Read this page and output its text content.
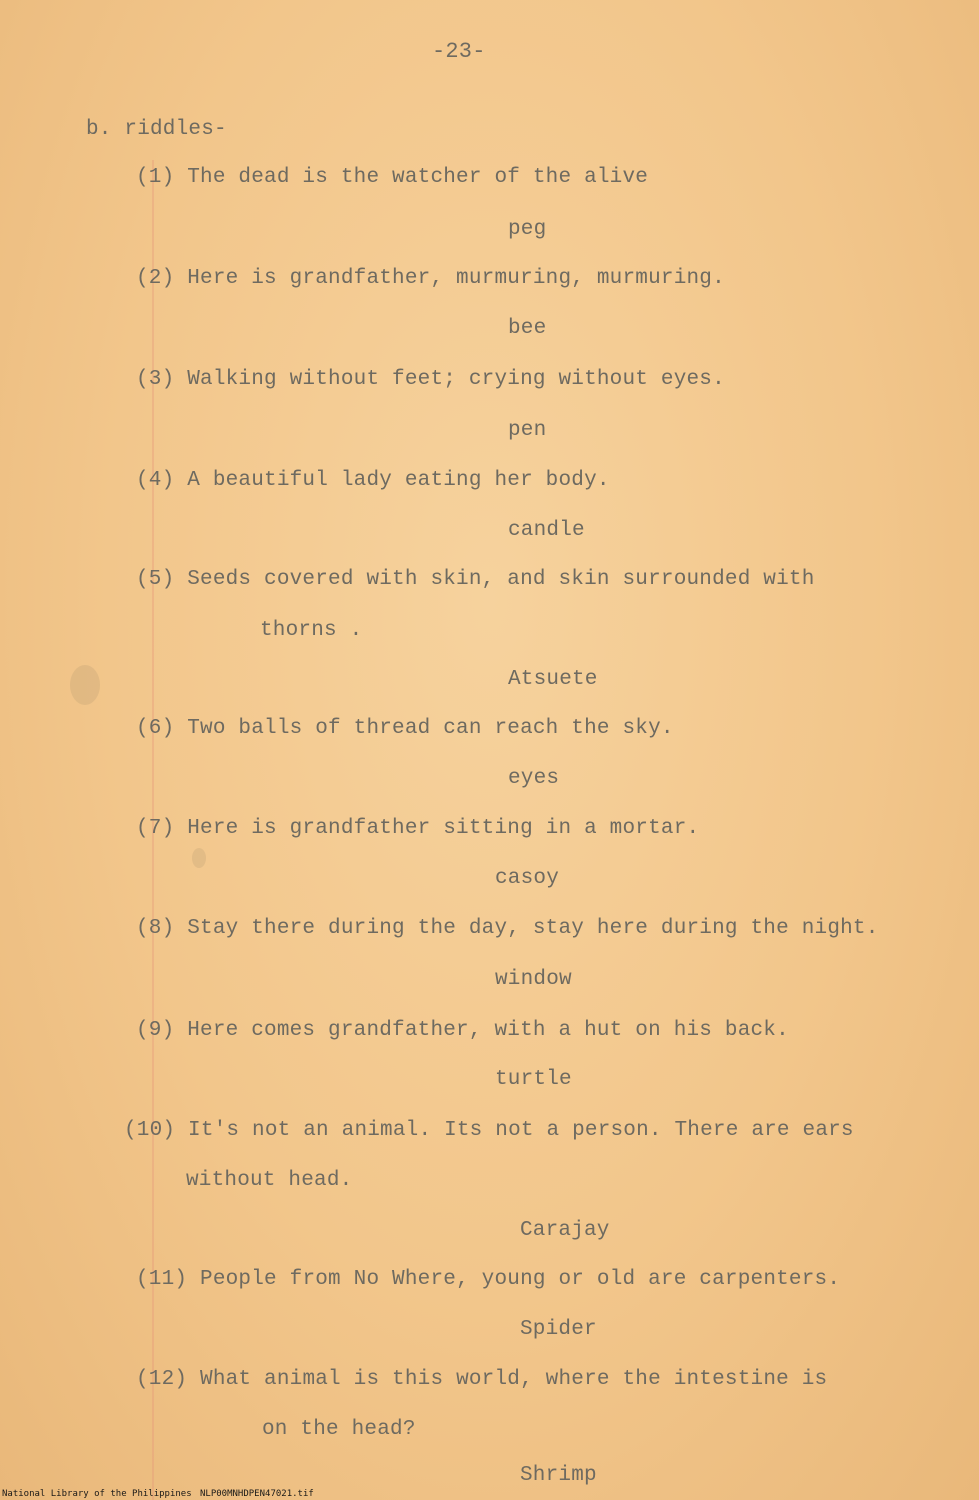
-23-
b. riddles-
(1) The dead is the watcher of the alive
peg
(2) Here is grandfather, murmuring, murmuring.
bee
(3) Walking without feet; crying without eyes.
pen
(4) A beautiful lady eating her body.
candle
(5) Seeds covered with skin, and skin surrounded with
thorns .
Atsuete
(6) Two balls of thread can reach the sky.
eyes
(7) Here is grandfather sitting in a mortar.
casoy
(8) Stay there during the day, stay here during the night.
window
(9) Here comes grandfather, with a hut on his back.
turtle
(10) It's not an animal. Its not a person. There are ears
without head.
Carajay
(11) People from No Where, young or old are carpenters.
Spider
(12) What animal is this world, where the intestine is
on the head?
Shrimp
National Library of the Philippines NLP00MNHDPEN47021.tif
